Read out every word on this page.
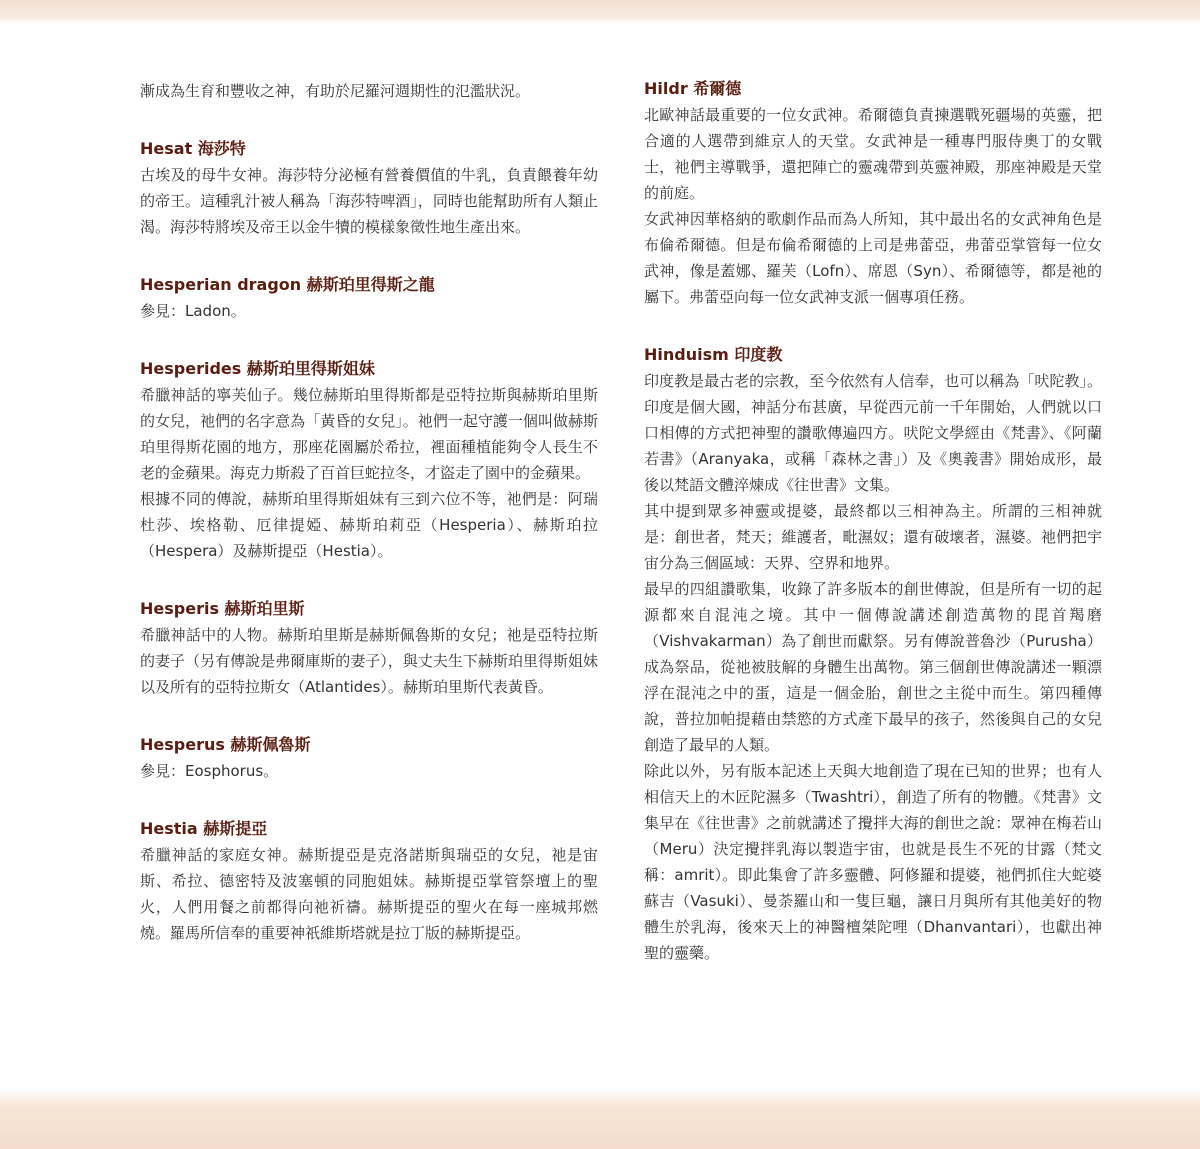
漸成為生育和豐收之神，有助於尼羅河週期性的氾濫狀況。

Hesat 海莎特

古埃及的母牛女神。海莎特分泌極有營養價值的牛乳，負責餵養年幼的帝王。這種乳汁被人稱為「海莎特啤酒」，同時也能幫助所有人類止渴。海莎特將埃及帝王以金牛犢的模樣象徵性地生產出來。

Hesperian dragon 赫斯珀里得斯之龍

參見：Ladon。

Hesperides 赫斯珀里得斯姐妹

希臘神話的寧芙仙子。幾位赫斯珀里得斯都是亞特拉斯與赫斯珀里斯的女兒，祂們的名字意為「黃昏的女兒」。祂們一起守護一個叫做赫斯珀里得斯花園的地方，那座花園屬於希拉，裡面種植能夠令人長生不老的金蘋果。海克力斯殺了百首巨蛇拉冬，才盜走了園中的金蘋果。

根據不同的傳說，赫斯珀里得斯姐妹有三到六位不等，祂們是：阿瑞杜莎、埃格勒、厄律提婭、赫斯珀莉亞（Hesperia）、赫斯珀拉（Hespera）及赫斯提亞（Hestia）。

Hesperis 赫斯珀里斯

希臘神話中的人物。赫斯珀里斯是赫斯佩魯斯的女兒；祂是亞特拉斯的妻子（另有傳說是弗爾庫斯的妻子），與丈夫生下赫斯珀里得斯姐妹以及所有的亞特拉斯女（Atlantides）。赫斯珀里斯代表黃昏。

Hesperus 赫斯佩魯斯

參見：Eosphorus。

Hestia 赫斯提亞

希臘神話的家庭女神。赫斯提亞是克洛諾斯與瑞亞的女兒，祂是宙斯、希拉、德密特及波塞頓的同胞姐妹。赫斯提亞掌管祭壇上的聖火，人們用餐之前都得向祂祈禱。赫斯提亞的聖火在每一座城邦燃燒。羅馬所信奉的重要神祇維斯塔就是拉丁版的赫斯提亞。

Hildr 希爾德

北歐神話最重要的一位女武神。希爾德負責揀選戰死疆場的英靈，把合適的人選帶到維京人的天堂。女武神是一種專門服侍奧丁的女戰士，祂們主導戰爭，還把陣亡的靈魂帶到英靈神殿，那座神殿是天堂的前庭。

女武神因華格納的歌劇作品而為人所知，其中最出名的女武神角色是布倫希爾德。但是布倫希爾德的上司是弗蕾亞，弗蕾亞掌管每一位女武神，像是蓋娜、羅芙（Lofn）、席恩（Syn）、希爾德等，都是祂的屬下。弗蕾亞向每一位女武神支派一個專項任務。

Hinduism 印度教

印度教是最古老的宗教，至今依然有人信奉，也可以稱為「吠陀教」。印度是個大國，神話分布甚廣，早從西元前一千年開始，人們就以口口相傳的方式把神聖的讚歌傳遍四方。吠陀文學經由《梵書》、《阿蘭若書》（Aranyaka，或稱「森林之書」）及《奧義書》開始成形，最後以梵語文體淬煉成《往世書》文集。

其中提到眾多神靈或提婆，最終都以三相神為主。所謂的三相神就是：創世者，梵天；維護者，毗濕奴；還有破壞者，濕婆。祂們把宇宙分為三個區域：天界、空界和地界。

最早的四組讚歌集，收錄了許多版本的創世傳說，但是所有一切的起源都來自混沌之境。其中一個傳說講述創造萬物的毘首羯磨（Vishvakarman）為了創世而獻祭。另有傳說普魯沙（Purusha）成為祭品，從祂被肢解的身體生出萬物。第三個創世傳說講述一顆漂浮在混沌之中的蛋，這是一個金胎，創世之主從中而生。第四種傳說，普拉加帕提藉由禁慾的方式產下最早的孩子，然後與自己的女兒創造了最早的人類。

除此以外，另有版本記述上天與大地創造了現在已知的世界；也有人相信天上的木匠陀濕多（Twashtri），創造了所有的物體。《梵書》文集早在《往世書》之前就講述了攪拌大海的創世之說：眾神在梅若山（Meru）決定攪拌乳海以製造宇宙，也就是長生不死的甘露（梵文稱：amrit）。即此集會了許多靈體、阿修羅和提婆，祂們抓住大蛇婆蘇吉（Vasuki）、曼荼羅山和一隻巨龜，讓日月與所有其他美好的物體生於乳海，後來天上的神醫檀桀陀哩（Dhanvantari），也獻出神聖的靈藥。
